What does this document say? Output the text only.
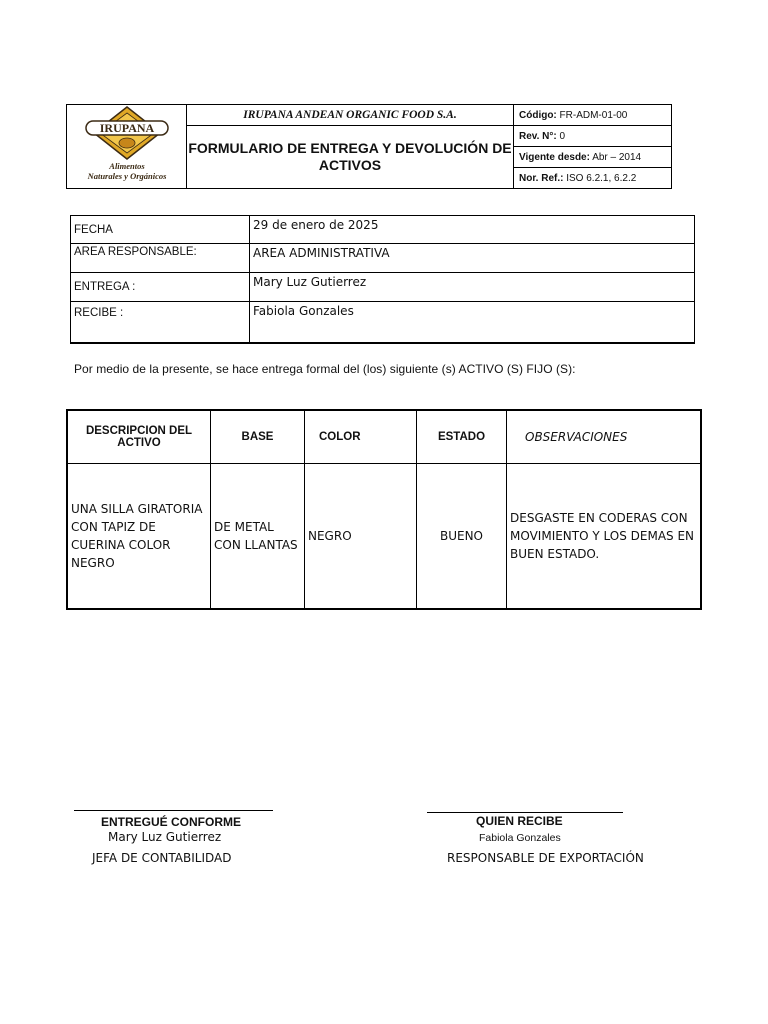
IRUPANA
Alimentos
Naturales y Orgánicos	IRUPANA ANDEAN ORGANIC FOOD S.A.	Código: FR-ADM-01-00
	FORMULARIO DE ENTREGA Y DEVOLUCIÓN DE ACTIVOS	Rev. N°: 0
		Vigente desde: Abr – 2014
		Nor. Ref.: ISO 6.2.1, 6.2.2
FECHA	29 de enero de 2025
AREA RESPONSABLE:	AREA ADMINISTRATIVA
ENTREGA :	Mary Luz Gutierrez
RECIBE :	Fabiola Gonzales
Por medio de la presente, se hace entrega formal del (los) siguiente (s) ACTIVO (S) FIJO (S):
DESCRIPCION DEL ACTIVO	BASE	COLOR	ESTADO	OBSERVACIONES
UNA SILLA GIRATORIA CON TAPIZ DE CUERINA COLOR NEGRO	DE METAL CON LLANTAS	NEGRO	BUENO	DESGASTE EN CODERAS CON MOVIMIENTO Y LOS DEMAS EN BUEN ESTADO.
ENTREGUÉ CONFORME
Mary Luz Gutierrez
JEFA DE CONTABILIDAD
QUIEN RECIBE
Fabiola Gonzales
RESPONSABLE DE EXPORTACIÓN
